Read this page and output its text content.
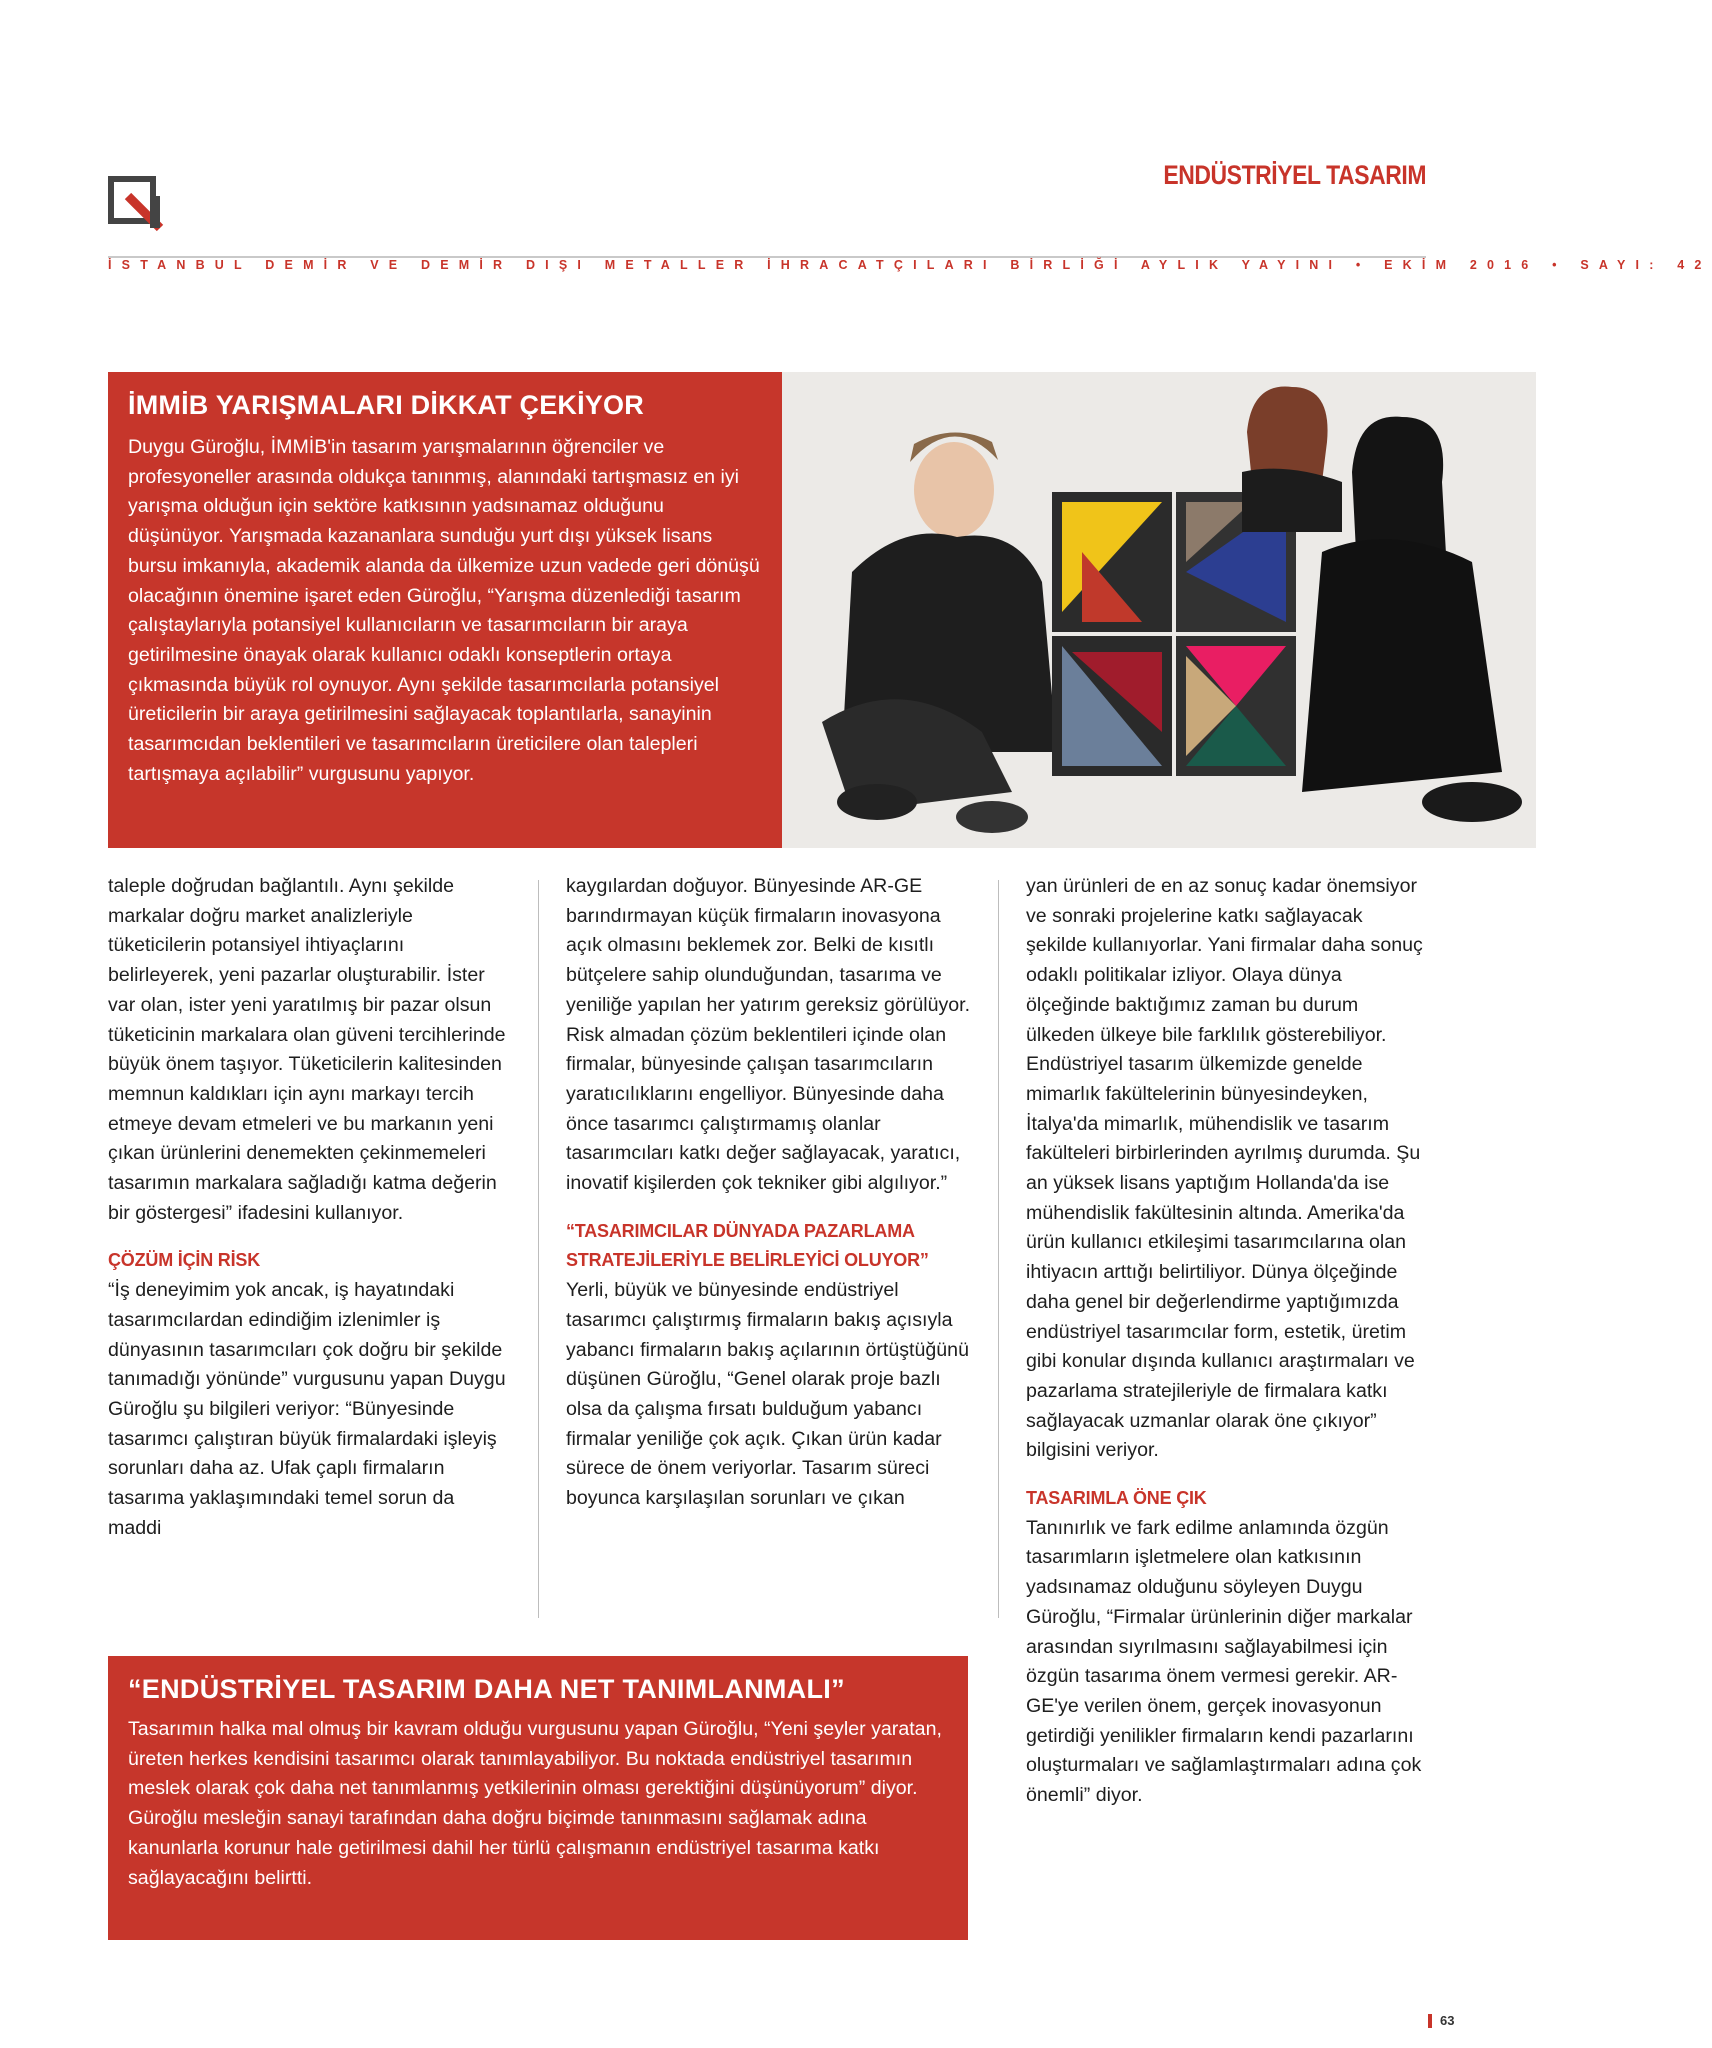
ENDÜSTRİYEL TASARIM
İSTANBUL DEMİR VE DEMİR DIŞI METALLER İHRACATÇILARI BİRLİĞİ AYLIK YAYINI • EKİM 2016 • SAYI: 42
İMMİB YARIŞMALARI DİKKAT ÇEKİYOR

Duygu Güroğlu, İMMİB'in tasarım yarışmalarının öğrenciler ve profesyoneller arasında oldukça tanınmış, alanındaki tartışmasız en iyi yarışma olduğun için sektöre katkısının yadsınamaz olduğunu düşünüyor. Yarışmada kazananlara sunduğu yurt dışı yüksek lisans bursu imkanıyla, akademik alanda da ülkemize uzun vadede geri dönüşü olacağının önemine işaret eden Güroğlu, “Yarışma düzenlediği tasarım çalıştaylarıyla potansiyel kullanıcıların ve tasarımcıların bir araya getirilmesine önayak olarak kullanıcı odaklı konseptlerin ortaya çıkmasında büyük rol oynuyor. Aynı şekilde tasarımcılarla potansiyel üreticilerin bir araya getirilmesini sağlayacak toplantılarla, sanayinin tasarımcıdan beklentileri ve tasarımcıların üreticilere olan talepleri tartışmaya açılabilir” vurgusunu yapıyor.

taleple doğrudan bağlantılı. Aynı şekilde markalar doğru market analizleriyle tüketicilerin potansiyel ihtiyaçlarını belirleyerek, yeni pazarlar oluşturabilir. İster var olan, ister yeni yaratılmış bir pazar olsun tüketicinin markalara olan güveni tercihlerinde büyük önem taşıyor. Tüketicilerin kalitesinden memnun kaldıkları için aynı markayı tercih etmeye devam etmeleri ve bu markanın yeni çıkan ürünlerini denemekten çekinmemeleri tasarımın markalara sağladığı katma değerin bir göstergesi” ifadesini kullanıyor.

ÇÖZÜM İÇİN RİSK

“İş deneyimim yok ancak, iş hayatındaki tasarımcılardan edindiğim izlenimler iş dünyasının tasarımcıları çok doğru bir şekilde tanımadığı yönünde” vurgusunu yapan Duygu Güroğlu şu bilgileri veriyor: “Bünyesinde tasarımcı çalıştıran büyük firmalardaki işleyiş sorunları daha az. Ufak çaplı firmaların tasarıma yaklaşımındaki temel sorun da maddi

kaygılardan doğuyor. Bünyesinde AR-GE barındırmayan küçük firmaların inovasyona açık olmasını beklemek zor. Belki de kısıtlı bütçelere sahip olunduğundan, tasarıma ve yeniliğe yapılan her yatırım gereksiz görülüyor. Risk almadan çözüm beklentileri içinde olan firmalar, bünyesinde çalışan tasarımcıların yaratıcılıklarını engelliyor. Bünyesinde daha önce tasarımcı çalıştırmamış olanlar tasarımcıları katkı değer sağlayacak, yaratıcı, inovatif kişilerden çok tekniker gibi algılıyor.”

“TASARIMCILAR DÜNYADA PAZARLAMA STRATEJİLERİYLE BELİRLEYİCİ OLUYOR”

Yerli, büyük ve bünyesinde endüstriyel tasarımcı çalıştırmış firmaların bakış açısıyla yabancı firmaların bakış açılarının örtüştüğünü düşünen Güroğlu, “Genel olarak proje bazlı olsa da çalışma fırsatı bulduğum yabancı firmalar yeniliğe çok açık. Çıkan ürün kadar sürece de önem veriyorlar. Tasarım süreci boyunca karşılaşılan sorunları ve çıkan

yan ürünleri de en az sonuç kadar önemsiyor ve sonraki projelerine katkı sağlayacak şekilde kullanıyorlar. Yani firmalar daha sonuç odaklı politikalar izliyor. Olaya dünya ölçeğinde baktığımız zaman bu durum ülkeden ülkeye bile farklılık gösterebiliyor. Endüstriyel tasarım ülkemizde genelde mimarlık fakültelerinin bünyesindeyken, İtalya'da mimarlık, mühendislik ve tasarım fakülteleri birbirlerinden ayrılmış durumda. Şu an yüksek lisans yaptığım Hollanda'da ise mühendislik fakültesinin altında. Amerika'da ürün kullanıcı etkileşimi tasarımcılarına olan ihtiyacın arttığı belirtiliyor. Dünya ölçeğinde daha genel bir değerlendirme yaptığımızda endüstriyel tasarımcılar form, estetik, üretim gibi konular dışında kullanıcı araştırmaları ve pazarlama stratejileriyle de firmalara katkı sağlayacak uzmanlar olarak öne çıkıyor” bilgisini veriyor.

TASARIMLA ÖNE ÇIK

Tanınırlık ve fark edilme anlamında özgün tasarımların işletmelere olan katkısının yadsınamaz olduğunu söyleyen Duygu Güroğlu, “Firmalar ürünlerinin diğer markalar arasından sıyrılmasını sağlayabilmesi için özgün tasarıma önem vermesi gerekir. AR-GE'ye verilen önem, gerçek inovasyonun getirdiği yenilikler firmaların kendi pazarlarını oluşturmaları ve sağlamlaştırmaları adına çok önemli” diyor.

“ENDÜSTRİYEL TASARIM DAHA NET TANIMLANMALI”

Tasarımın halka mal olmuş bir kavram olduğu vurgusunu yapan Güroğlu, “Yeni şeyler yaratan, üreten herkes kendisini tasarımcı olarak tanımlayabiliyor. Bu noktada endüstriyel tasarımın meslek olarak çok daha net tanımlanmış yetkilerinin olması gerektiğini düşünüyorum” diyor. Güroğlu mesleğin sanayi tarafından daha doğru biçimde tanınmasını sağlamak adına kanunlarla korunur hale getirilmesi dahil her türlü çalışmanın endüstriyel tasarıma katkı sağlayacağını belirtti.

63
